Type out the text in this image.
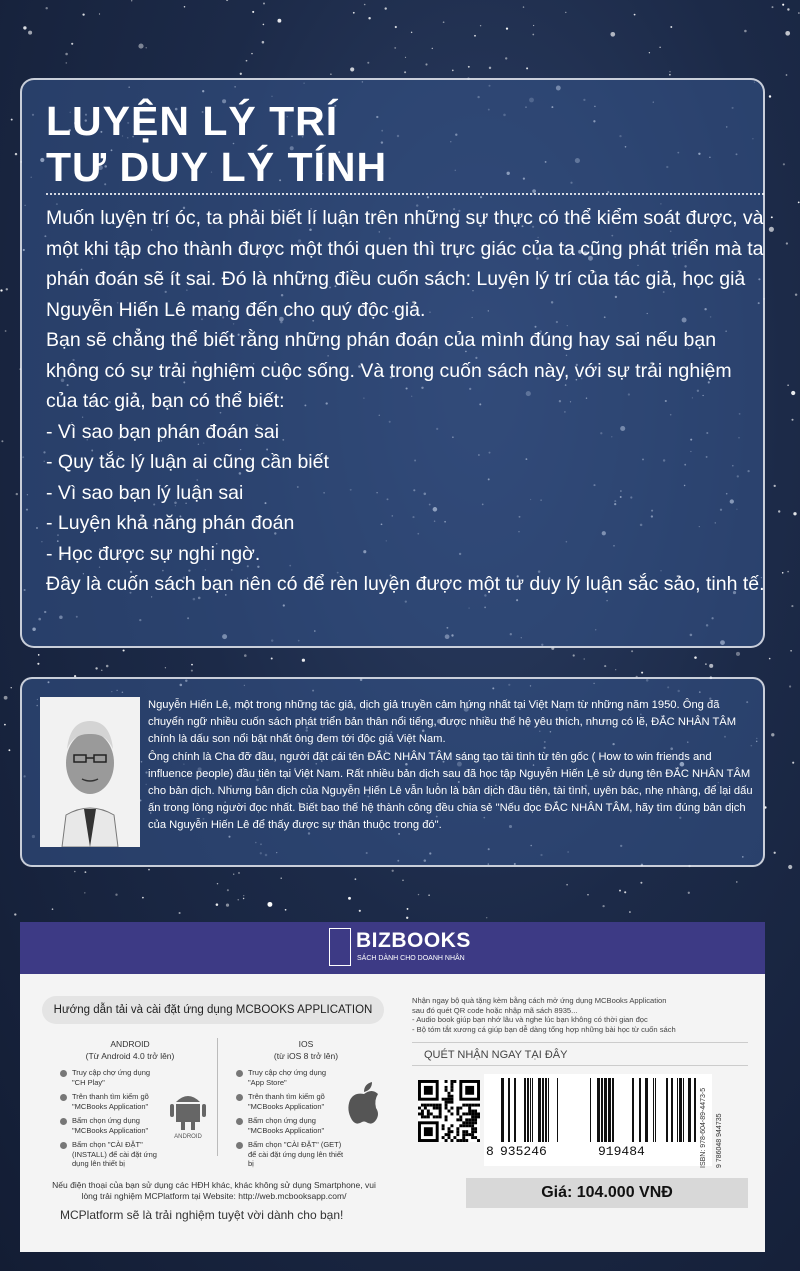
LUYỆN LÝ TRÍ
TƯ DUY LÝ TÍNH

Muốn luyện trí óc, ta phải biết lí luận trên những sự thực có thể kiểm soát được, và một khi tập cho thành được một thói quen thì trực giác của ta cũng phát triển mà ta phán đoán sẽ ít sai. Đó là những điều cuốn sách: Luyện lý trí của tác giả, học giả Nguyễn Hiến Lê mang đến cho quý độc giả.

Bạn sẽ chẳng thể biết rằng những phán đoán của mình đúng hay sai nếu bạn không có sự trải nghiệm cuộc sống. Và trong cuốn sách này, với sự trải nghiệm của tác giả, bạn có thể biết:

- Vì sao bạn phán đoán sai

- Quy tắc lý luận ai cũng cần biết

- Vì sao bạn lý luận sai

- Luyện khả năng phán đoán

- Học được sự nghi ngờ.

Đây là cuốn sách bạn nên có để rèn luyện được một tư duy lý luận sắc sảo, tinh tế.

Nguyễn Hiến Lê, một trong những tác giả, dịch giả truyền cảm hứng nhất tại Việt Nam từ những năm 1950. Ông đã chuyển ngữ nhiều cuốn sách phát triển bản thân nổi tiếng, được nhiều thế hệ yêu thích, nhưng có lẽ, ĐẮC NHÂN TÂM chính là dấu son nổi bật nhất ông đem tới độc giả Việt Nam.

Ông chính là Cha đỡ đầu, người đặt cái tên ĐẮC NHÂN TÂM sáng tạo tài tình từ tên gốc ( How to win friends and influence people) đầu tiên tại Việt Nam. Rất nhiều bản dịch sau đã học tập Nguyễn Hiến Lê sử dụng tên ĐẮC NHÂN TÂM cho bản dịch. Nhưng bản dịch của Nguyễn Hiến Lê vẫn luôn là bản dịch đầu tiên, tài tình, uyên bác, nhẹ nhàng, để lại dấu ấn trong lòng người đọc nhất. Biết bao thế hệ thành công đều chia sẻ "Nếu đọc ĐẮC NHÂN TÂM, hãy tìm đúng bản dịch của Nguyễn Hiến Lê để thấy được sự thân thuộc trong đó".

BIZBOOKS
SÁCH DÀNH CHO DOANH NHÂN
Hướng dẫn tải và cài đặt ứng dụng MCBOOKS APPLICATION
ANDROID
(Từ Android 4.0 trở lên)
IOS
(từ iOS 8 trở lên)
Truy cập chợ ứng dụng "CH Play"
Trên thanh tìm kiếm gõ "MCBooks Application"
Bấm chọn ứng dụng "MCBooks Application"
Bấm chọn "CÀI ĐẶT" (INSTALL) để cài đặt ứng dụng lên thiết bị
ANDROID
Truy cập chợ ứng dụng "App Store"
Trên thanh tìm kiếm gõ "MCBooks Application"
Bấm chọn ứng dụng "MCBooks Application"
Bấm chọn "CÀI ĐẶT" (GET) để cài đặt ứng dụng lên thiết bị
Nếu điện thoại của bạn sử dụng các HĐH khác, khác không sử dụng Smartphone, vui lòng trải nghiệm MCPlatform tại Website: http://web.mcbooksapp.com/
MCPlatform sẽ là trải nghiệm tuyệt vời dành cho bạn!
Nhận ngay bộ quà tặng kèm bằng cách mở ứng dụng MCBooks Application
sau đó quét QR code hoặc nhập mã sách 8935...
- Audio book giúp bạn nhớ lâu và nghe lúc bạn không có thời gian đọc
- Bộ tóm tắt xương cá giúp bạn dễ dàng tổng hợp những bài học từ cuốn sách
QUÉT NHẬN NGAY TẠI ĐÂY
8 935246	919484	ISBN: 978-604-89-4473-5 9 786048 944735
Giá: 104.000 VNĐ
